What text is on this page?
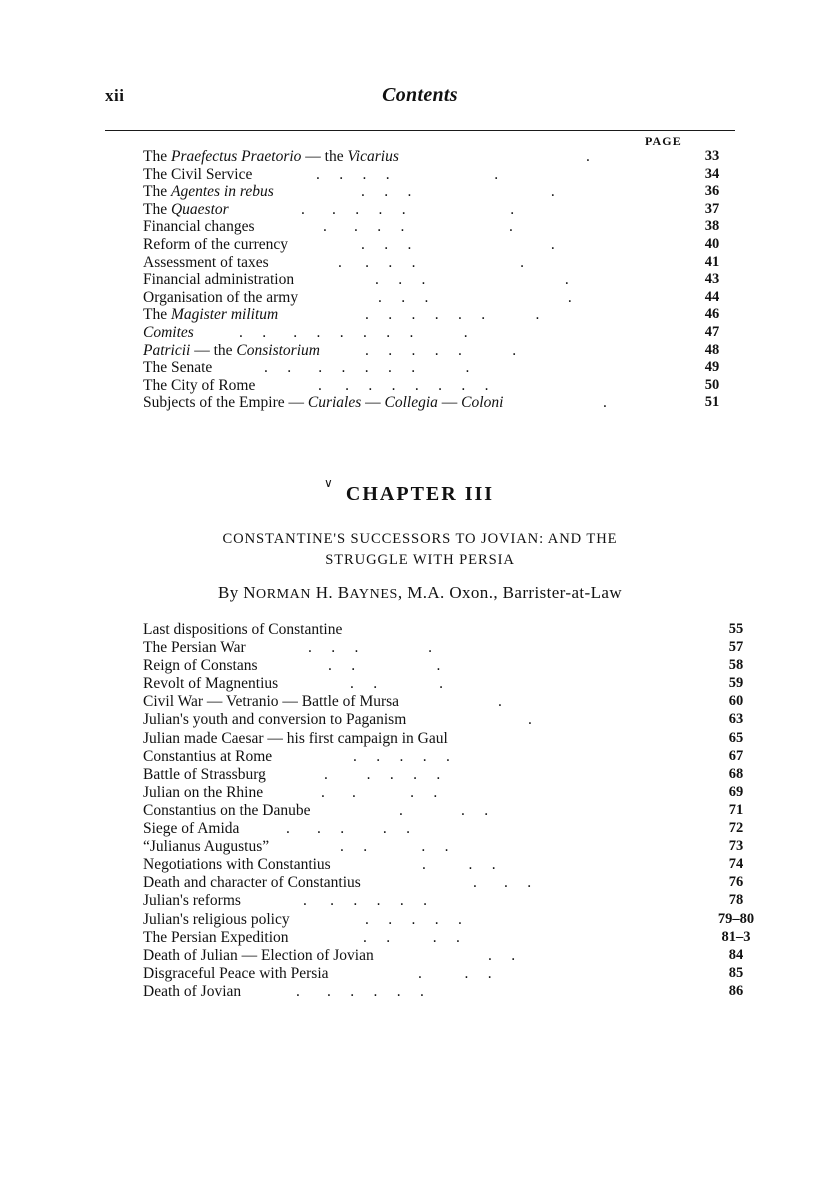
xii	Contents
PAGE
The Praefectus Praetorio — the Vicarius	.	33
The Civil Service	.     .     .     .                           .	34
The Agentes in rebus	.     .     .                                    .	36
The Quaestor	.       .     .     .     .                           .	37
Financial changes	.       .     .     .                           .	38
Reform of the currency	.     .     .                                    .	40
Assessment of taxes	.      .     .     .                           .	41
Financial administration	.     .     .                                    .	43
Organisation of the army	.     .     .                                    .	44
The Magister militum	.     .     .     .     .     .             .	46
Comites	.     .       .     .     .     .     .     .             .	47
Patricii — the Consistorium	.     .     .     .     .             .	48
The Senate	.     .       .     .     .     .     .             .	49
The City of Rome	.      .     .     .     .     .     .     .	50
Subjects of the Empire — Curiales — Collegia — Coloni	.	51
∨ CHAPTER III
CONSTANTINE'S SUCCESSORS TO JOVIAN: AND THE
STRUGGLE WITH PERSIA
By NORMAN H. BAYNES, M.A. Oxon., Barrister-at-Law
Last dispositions of Constantine	55
The Persian War	.     .     .                  .	57
Reign of Constans	.     .                     .	58
Revolt of Magnentius	.     .                .	59
Civil War — Vetranio — Battle of Mursa	.	60
Julian's youth and conversion to Paganism	.	63
Julian made Caesar — his first campaign in Gaul	65
Constantius at Rome	.     .     .     .     .	67
Battle of Strassburg	.          .     .     .     .	68
Julian on the Rhine	.       .              .     .	69
Constantius on the Danube	.               .     .	71
Siege of Amida	.       .     .          .     .	72
“Julianus Augustus”	.     .              .     .	73
Negotiations with Constantius	.           .     .	74
Death and character of Constantius	.       .     .	76
Julian's reforms	.      .     .     .     .     .	78
Julian's religious policy	.     .     .     .     .	79–80
The Persian Expedition	.     .           .     .	81–3
Death of Julian — Election of Jovian	.     .	84
Disgraceful Peace with Persia	.           .     .	85
Death of Jovian	.       .     .     .     .     .	86
